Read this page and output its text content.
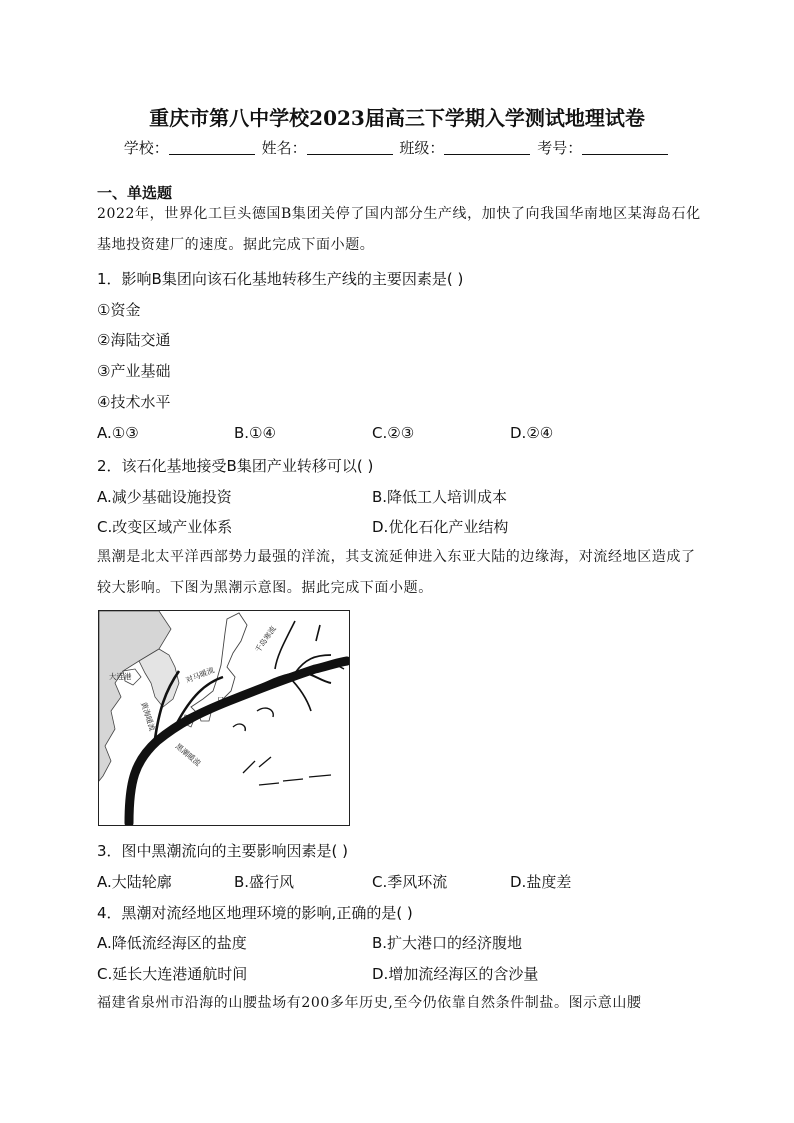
重庆市第八中学校2023届高三下学期入学测试地理试卷
学校：	姓名：	班级：	考号：
一、单选题
2022年，世界化工巨头德国B集团关停了国内部分生产线，加快了向我国华南地区某海岛石化基地投资建厂的速度。据此完成下面小题。
1．影响B集团向该石化基地转移生产线的主要因素是( )
①资金
②海陆交通
③产业基础
④技术水平
A.①③	B.①④	C.②③	D.②④
2．该石化基地接受B集团产业转移可以( )
A.减少基础设施投资	B.降低工人培训成本
C.改变区域产业体系	D.优化石化产业结构
黑潮是北太平洋西部势力最强的洋流，其支流延伸进入东亚大陆的边缘海，对流经地区造成了较大影响。下图为黑潮示意图。据此完成下面小题。
大连港	对马暖流
日本
千岛寒流
黄海暖流
黑潮暖流
3．图中黑潮流向的主要影响因素是( )
A.大陆轮廓	B.盛行风	C.季风环流	D.盐度差
4．黑潮对流经地区地理环境的影响,正确的是( )
A.降低流经海区的盐度	B.扩大港口的经济腹地
C.延长大连港通航时间	D.增加流经海区的含沙量
福建省泉州市沿海的山腰盐场有200多年历史,至今仍依靠自然条件制盐。图示意山腰
